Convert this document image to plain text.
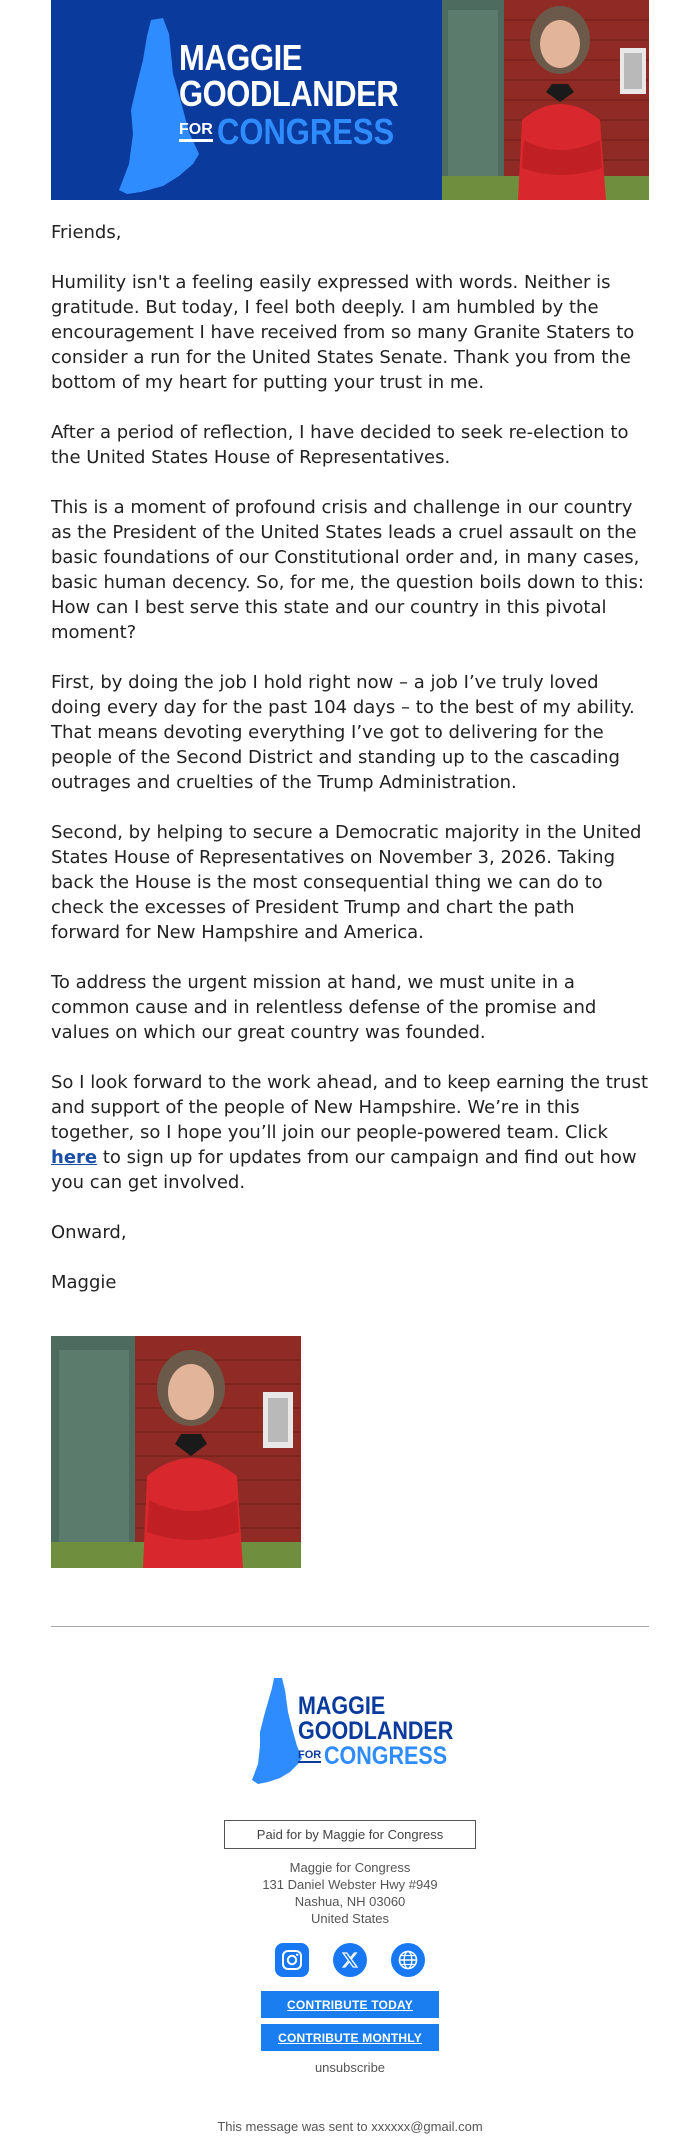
MAGGIE
GOODLANDER
FOR CONGRESS

Friends,

Humility isn't a feeling easily expressed with words. Neither is gratitude. But today, I feel both deeply. I am humbled by the encouragement I have received from so many Granite Staters to consider a run for the United States Senate. Thank you from the bottom of my heart for putting your trust in me.

After a period of reflection, I have decided to seek re-election to the United States House of Representatives.

This is a moment of profound crisis and challenge in our country as the President of the United States leads a cruel assault on the basic foundations of our Constitutional order and, in many cases, basic human decency. So, for me, the question boils down to this: How can I best serve this state and our country in this pivotal moment?

First, by doing the job I hold right now – a job I’ve truly loved doing every day for the past 104 days – to the best of my ability. That means devoting everything I’ve got to delivering for the people of the Second District and standing up to the cascading outrages and cruelties of the Trump Administration.

Second, by helping to secure a Democratic majority in the United States House of Representatives on November 3, 2026. Taking back the House is the most consequential thing we can do to check the excesses of President Trump and chart the path forward for New Hampshire and America.

To address the urgent mission at hand, we must unite in a common cause and in relentless defense of the promise and values on which our great country was founded.

So I look forward to the work ahead, and to keep earning the trust and support of the people of New Hampshire. We’re in this together, so I hope you’ll join our people-powered team. Click here to sign up for updates from our campaign and find out how you can get involved.

Onward,

Maggie

MAGGIE
GOODLANDER
FOR CONGRESS
Paid for by Maggie for Congress
Maggie for Congress
131 Daniel Webster Hwy #949
Nashua, NH 03060
United States
CONTRIBUTE TODAY
CONTRIBUTE MONTHLY
unsubscribe
This message was sent to xxxxxx@gmail.com
